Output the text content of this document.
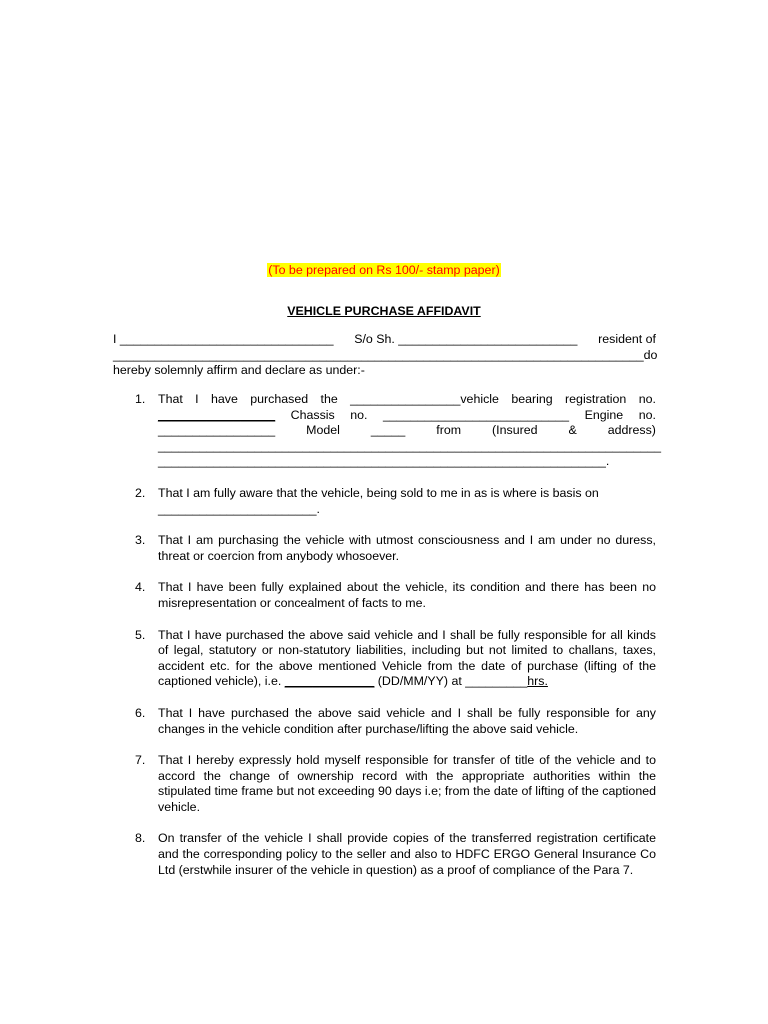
(To be prepared on Rs 100/- stamp paper)
VEHICLE PURCHASE AFFIDAVIT
I _______________________________ S/o Sh. __________________________ resident of
_____________________________________________________________________________ do
hereby solemnly affirm and declare as under:-
1. That I have purchased the ________________vehicle bearing registration no.
_________________ Chassis no. ___________________________ Engine no.
_________________ Model _____ from (Insured & address)
_________________________________________________________________________
_________________________________________________________________.
2. That I am fully aware that the vehicle, being sold to me in as is where is basis on
_______________________.
3. That I am purchasing the vehicle with utmost consciousness and I am under no duress, threat or coercion from anybody whosoever.
4. That I have been fully explained about the vehicle, its condition and there has been no misrepresentation or concealment of facts to me.
5. That I have purchased the above said vehicle and I shall be fully responsible for all kinds of legal, statutory or non-statutory liabilities, including but not limited to challans, taxes, accident etc. for the above mentioned Vehicle from the date of purchase (lifting of the captioned vehicle), i.e. _____________ (DD/MM/YY) at _________hrs.
6. That I have purchased the above said vehicle and I shall be fully responsible for any changes in the vehicle condition after purchase/lifting the above said vehicle.
7. That I hereby expressly hold myself responsible for transfer of title of the vehicle and to accord the change of ownership record with the appropriate authorities within the stipulated time frame but not exceeding 90 days i.e; from the date of lifting of the captioned vehicle.
8. On transfer of the vehicle I shall provide copies of the transferred registration certificate and the corresponding policy to the seller and also to HDFC ERGO General Insurance Co Ltd (erstwhile insurer of the vehicle in question) as a proof of compliance of the Para 7.
